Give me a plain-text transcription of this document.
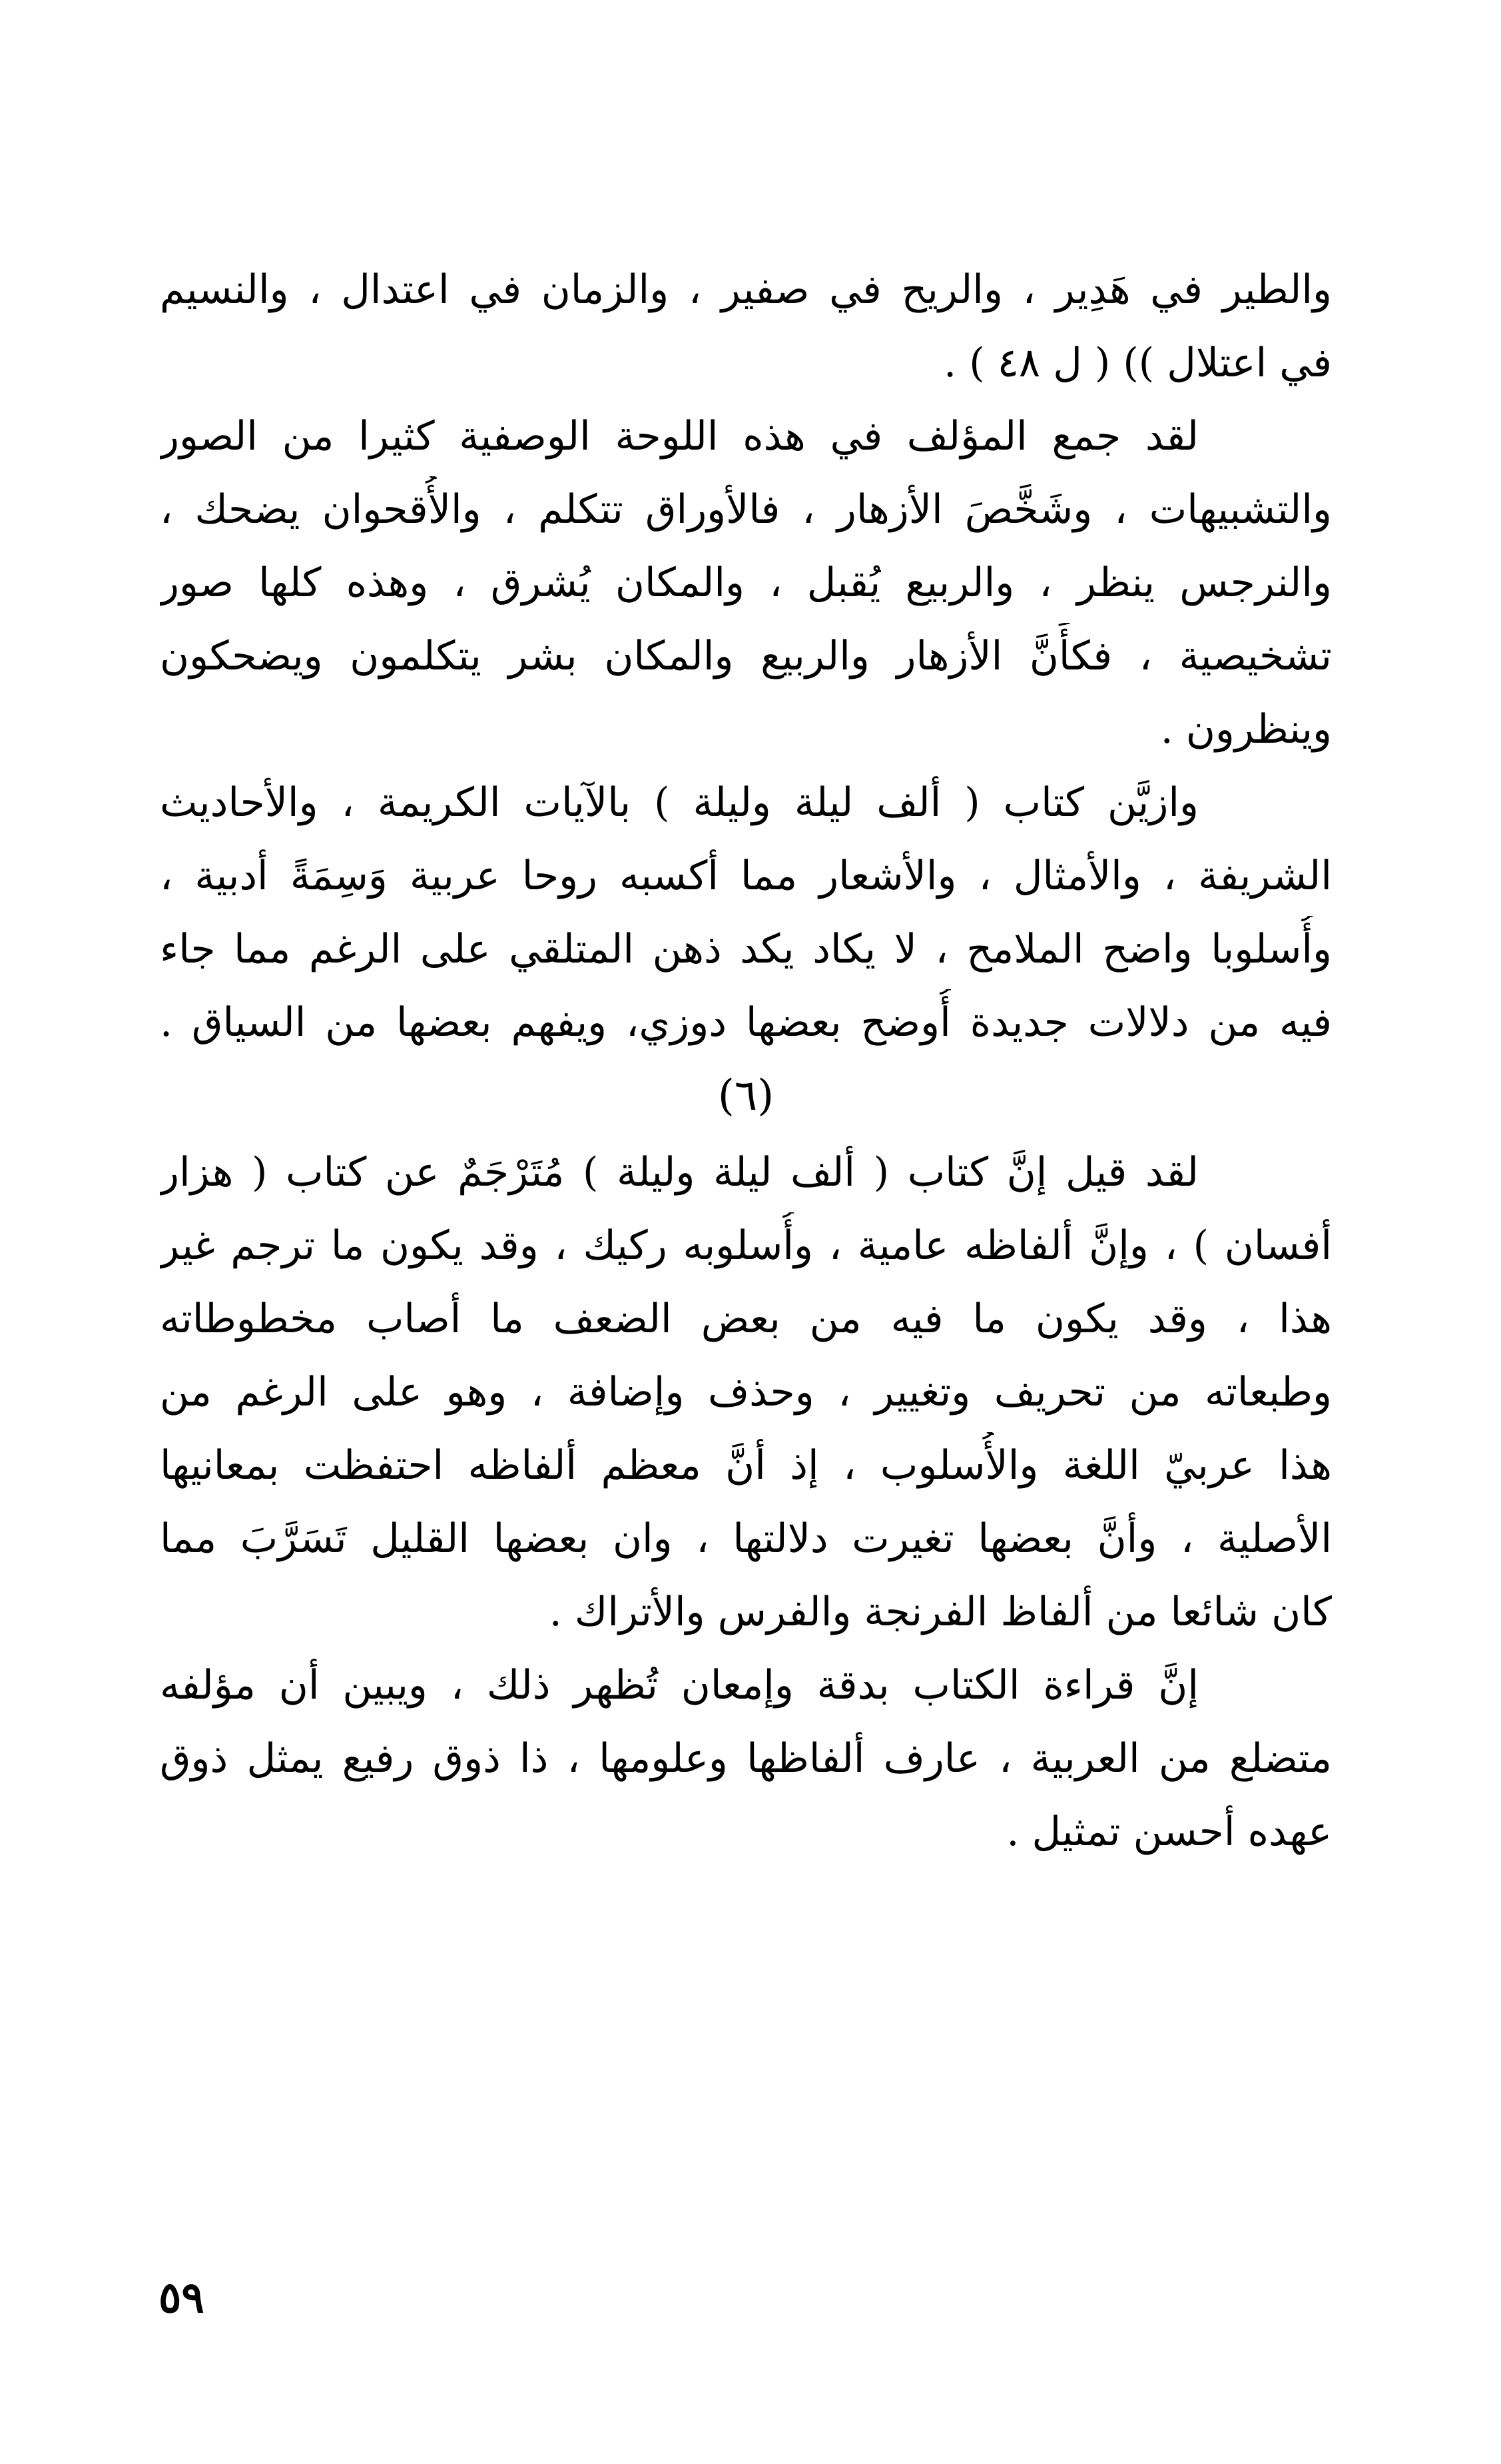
والطير في هَدِير ، والريح في صفير ، والزمان في اعتدال ، والنسيم
في اعتلال )) ( ل ٤٨ ) .
لقد جمع المؤلف في هذه اللوحة الوصفية كثيرا من الصور
والتشبيهات ، وشَخَّصَ الأزهار ، فالأوراق تتكلم ، والأُقحوان يضحك ،
والنرجس ينظر ، والربيع يُقبل ، والمكان يُشرق ، وهذه كلها صور
تشخيصية ، فكأَنَّ الأزهار والربيع والمكان بشر يتكلمون ويضحكون
وينظرون .
وازيَّن كتاب ( ألف ليلة وليلة ) بالآيات الكريمة ، والأحاديث
الشريفة ، والأمثال ، والأشعار مما أكسبه روحا عربية وَسِمَةً أدبية ،
وأُسلوبا واضح الملامح ، لا يكاد يكد ذهن المتلقي على الرغم مما جاء
فيه من دلالات جديدة أُوضح بعضها دوزي، ويفهم بعضها من السياق .
(٦)
لقد قيل إنَّ كتاب ( ألف ليلة وليلة ) مُتَرْجَمٌ عن كتاب ( هزار
أفسان ) ، وإنَّ ألفاظه عامية ، وأُسلوبه ركيك ، وقد يكون ما ترجم غير
هذا ، وقد يكون ما فيه من بعض الضعف ما أصاب مخطوطاته
وطبعاته من تحريف وتغيير ، وحذف وإضافة ، وهو على الرغم من
هذا عربيّ اللغة والأُسلوب ، إذ أنَّ معظم ألفاظه احتفظت بمعانيها
الأصلية ، وأنَّ بعضها تغيرت دلالتها ، وان بعضها القليل تَسَرَّبَ مما
كان شائعا من ألفاظ الفرنجة والفرس والأتراك .
إنَّ قراءة الكتاب بدقة وإمعان تُظهر ذلك ، ويبين أن مؤلفه
متضلع من العربية ، عارف ألفاظها وعلومها ، ذا ذوق رفيع يمثل ذوق
عهده أحسن تمثيل .
٥٩
